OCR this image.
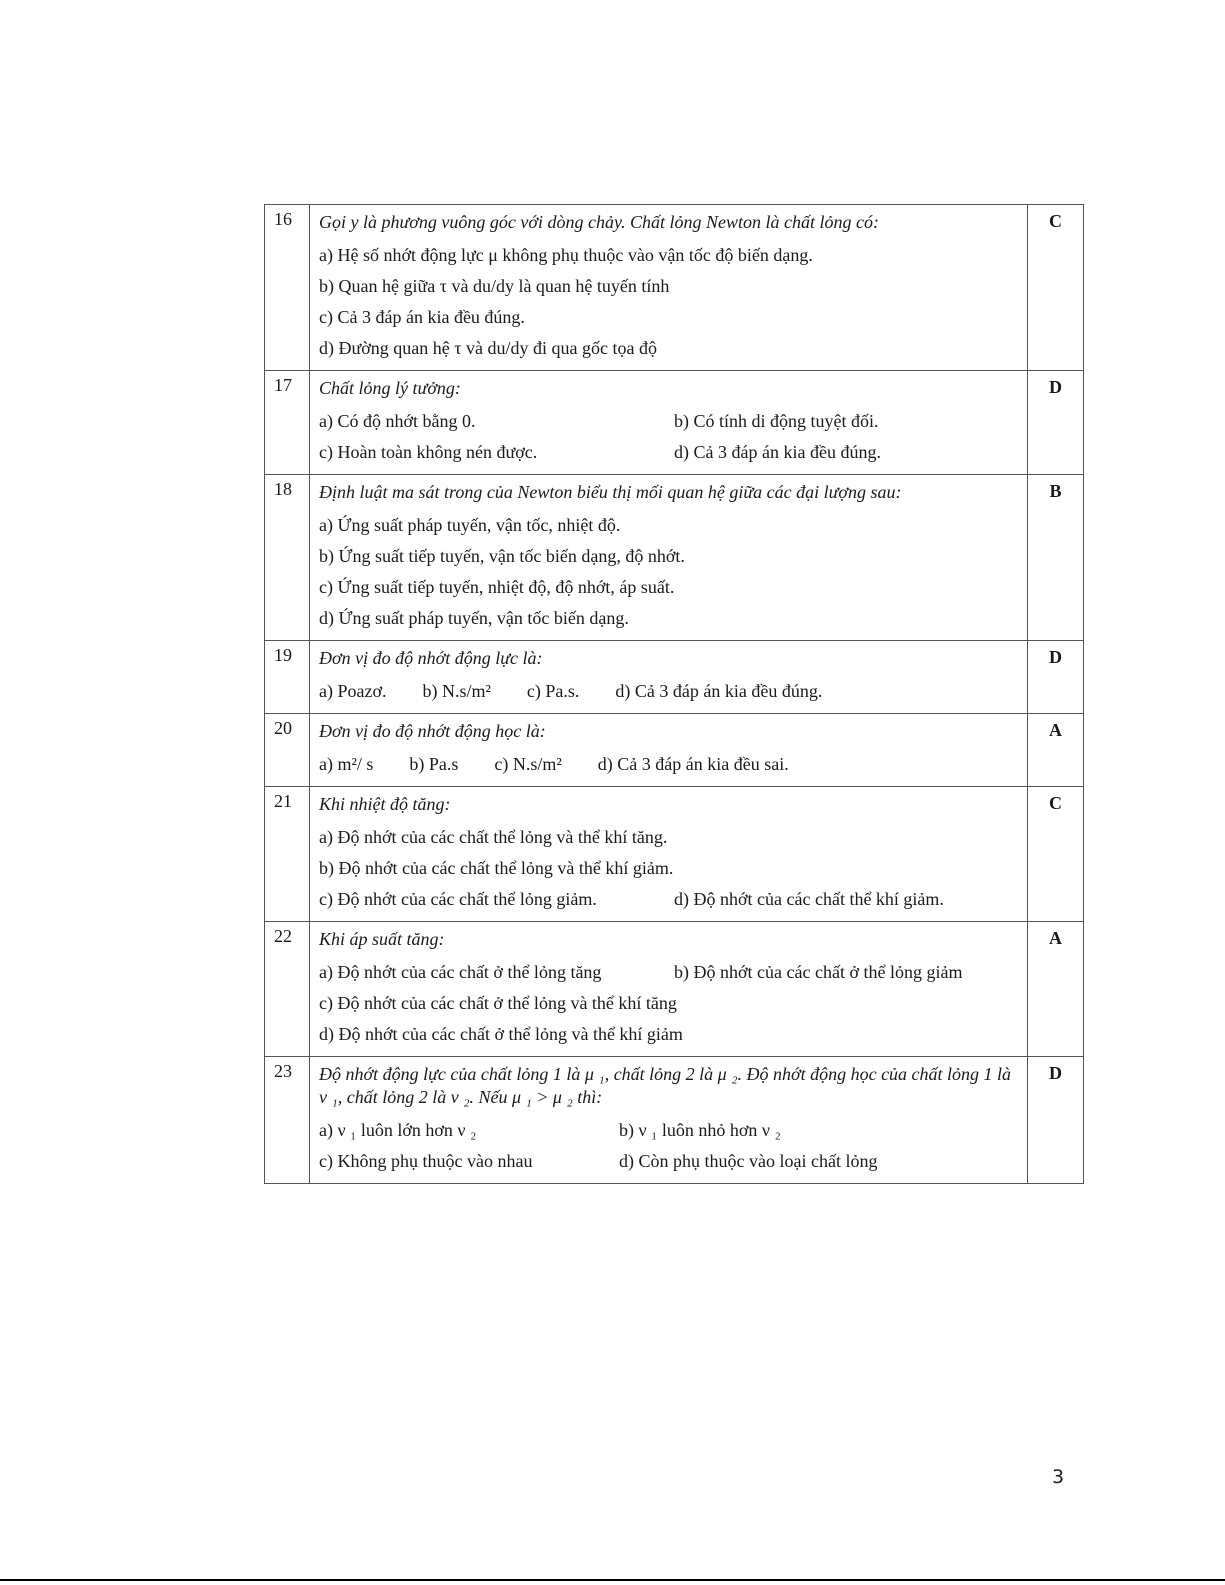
16	Gọi y là phương vuông góc với dòng chảy. Chất lỏng Newton là chất lỏng có:
a) Hệ số nhớt động lực μ không phụ thuộc vào vận tốc độ biến dạng.
b) Quan hệ giữa τ và du/dy là quan hệ tuyến tính
c) Cả 3 đáp án kia đều đúng.
d) Đường quan hệ τ và du/dy đi qua gốc tọa độ	C
17	Chất lỏng lý tưởng:
a) Có độ nhớt bằng 0. b) Có tính di động tuyệt đối.
c) Hoàn toàn không nén được. d) Cả 3 đáp án kia đều đúng.	D
18	Định luật ma sát trong của Newton biểu thị mối quan hệ giữa các đại lượng sau:
a) Ứng suất pháp tuyến, vận tốc, nhiệt độ.
b) Ứng suất tiếp tuyến, vận tốc biến dạng, độ nhớt.
c) Ứng suất tiếp tuyến, nhiệt độ, độ nhớt, áp suất.
d) Ứng suất pháp tuyến, vận tốc biến dạng.	B
19	Đơn vị đo độ nhớt động lực là:
a) Poazơ. b) N.s/m² c) Pa.s. d) Cả 3 đáp án kia đều đúng.	D
20	Đơn vị đo độ nhớt động học là:
a) m²/ s b) Pa.s c) N.s/m² d) Cả 3 đáp án kia đều sai.	A
21	Khi nhiệt độ tăng:
a) Độ nhớt của các chất thể lỏng và thể khí tăng.
b) Độ nhớt của các chất thể lỏng và thể khí giảm.
c) Độ nhớt của các chất thể lỏng giảm. d) Độ nhớt của các chất thể khí giảm.	C
22	Khi áp suất tăng:
a) Độ nhớt của các chất ở thể lỏng tăng b) Độ nhớt của các chất ở thể lỏng giảm
c) Độ nhớt của các chất ở thể lỏng và thể khí tăng
d) Độ nhớt của các chất ở thể lỏng và thể khí giảm	A
23	Độ nhớt động lực của chất lỏng 1 là μ ₁, chất lỏng 2 là μ ₂. Độ nhớt động học của chất lỏng 1 là ν ₁, chất lỏng 2 là ν ₂. Nếu μ ₁ > μ ₂ thì:
a) ν ₁ luôn lớn hơn ν ₂ b) ν ₁ luôn nhỏ hơn ν ₂
c) Không phụ thuộc vào nhau d) Còn phụ thuộc vào loại chất lỏng	D
3
